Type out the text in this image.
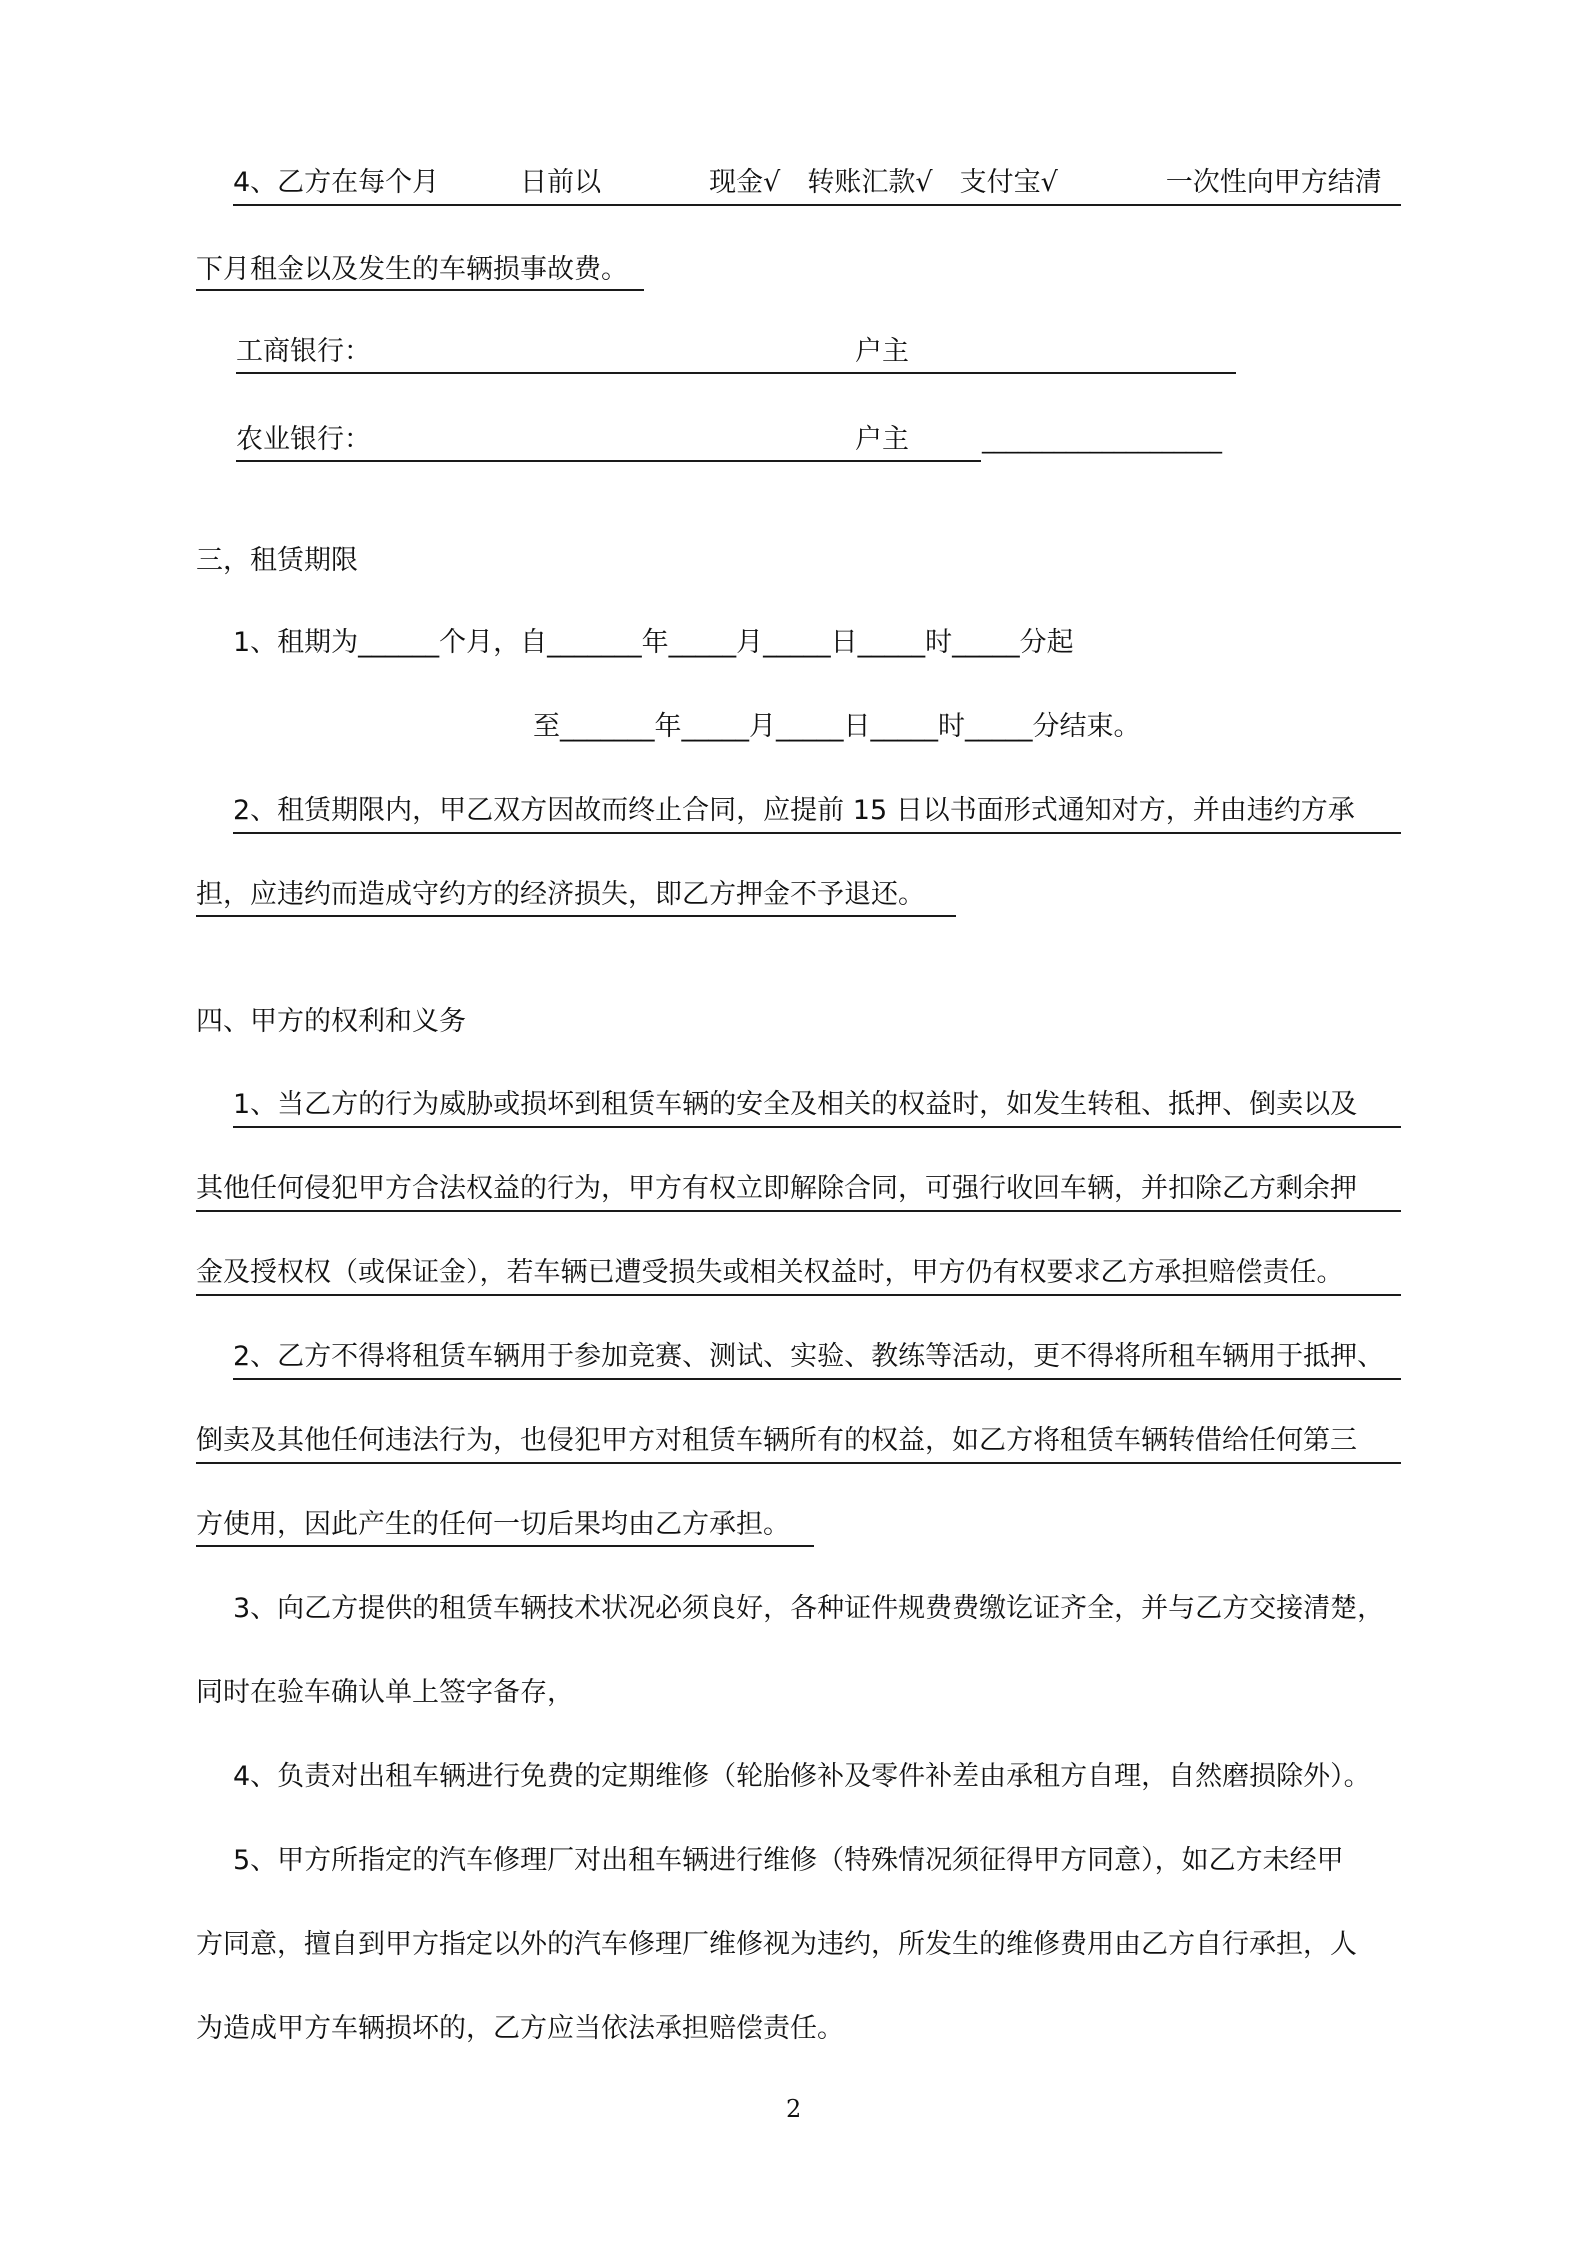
4、乙方在每个月　　　日前以　　　　现金√　转账汇款√　支付宝√　　　　一次性向甲方结清
下月租金以及发生的车辆损事故费。
工商银行：	户主
农业银行：	户主	____________________
三，租赁期限
1、租期为______个月，自_______年_____月_____日_____时_____分起
至_______年_____月_____日_____时_____分结束。
2、租赁期限内，甲乙双方因故而终止合同，应提前 15 日以书面形式通知对方，并由违约方承
担，应违约而造成守约方的经济损失，即乙方押金不予退还。
四、甲方的权利和义务
1、当乙方的行为威胁或损坏到租赁车辆的安全及相关的权益时，如发生转租、抵押、倒卖以及
其他任何侵犯甲方合法权益的行为，甲方有权立即解除合同，可强行收回车辆，并扣除乙方剩余押
金及授权权（或保证金），若车辆已遭受损失或相关权益时，甲方仍有权要求乙方承担赔偿责任。
2、乙方不得将租赁车辆用于参加竞赛、测试、实验、教练等活动，更不得将所租车辆用于抵押、
倒卖及其他任何违法行为，也侵犯甲方对租赁车辆所有的权益，如乙方将租赁车辆转借给任何第三
方使用，因此产生的任何一切后果均由乙方承担。
3、向乙方提供的租赁车辆技术状况必须良好，各种证件规费费缴讫证齐全，并与乙方交接清楚，
同时在验车确认单上签字备存，
4、负责对出租车辆进行免费的定期维修（轮胎修补及零件补差由承租方自理，自然磨损除外）。
5、甲方所指定的汽车修理厂对出租车辆进行维修（特殊情况须征得甲方同意），如乙方未经甲
方同意，擅自到甲方指定以外的汽车修理厂维修视为违约，所发生的维修费用由乙方自行承担，人
为造成甲方车辆损坏的，乙方应当依法承担赔偿责任。
2
